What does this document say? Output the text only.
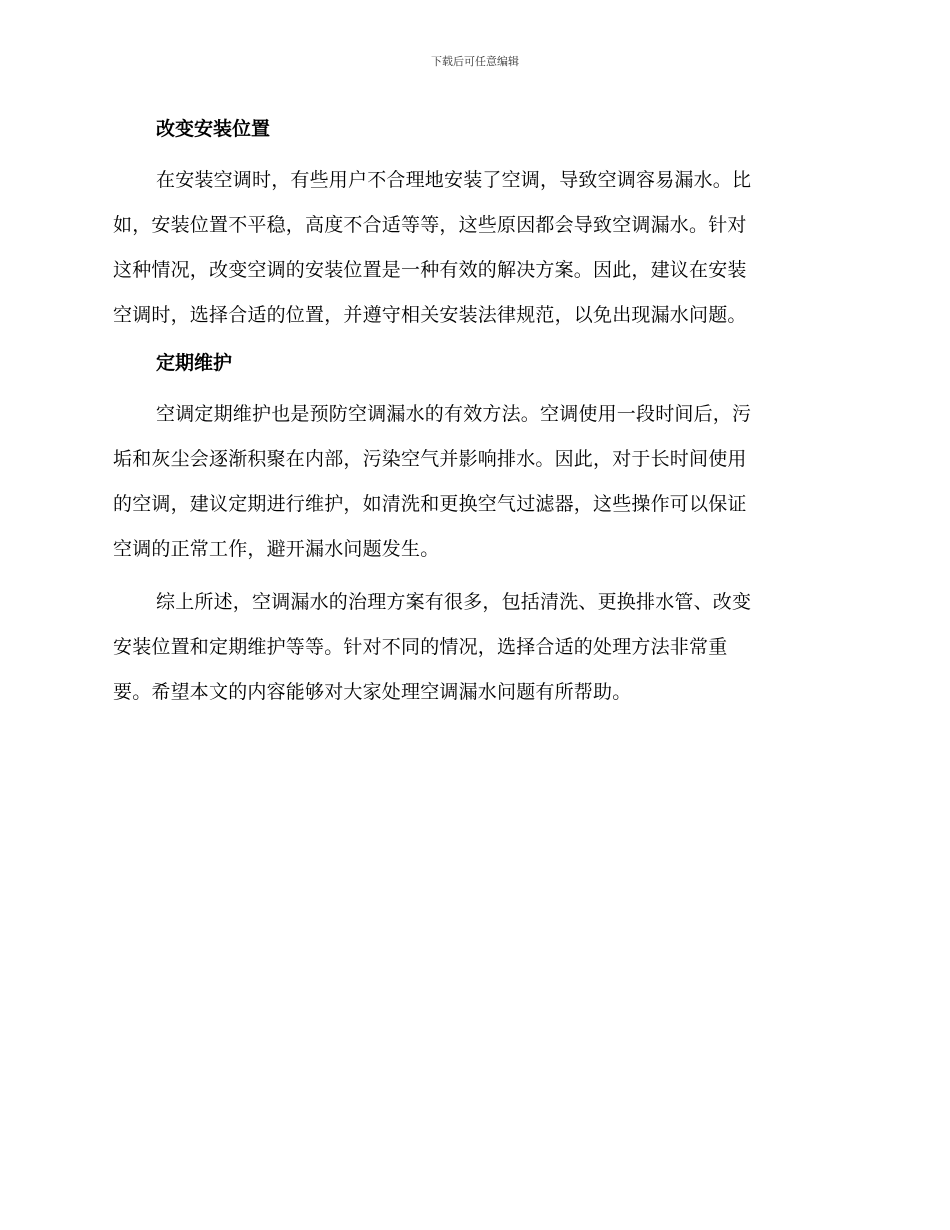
下载后可任意编辑
改变安装位置
在安装空调时，有些用户不合理地安装了空调，导致空调容易漏水。比
如，安装位置不平稳，高度不合适等等，这些原因都会导致空调漏水。针对
这种情况，改变空调的安装位置是一种有效的解决方案。因此，建议在安装
空调时，选择合适的位置，并遵守相关安装法律规范，以免出现漏水问题。
定期维护
空调定期维护也是预防空调漏水的有效方法。空调使用一段时间后，污
垢和灰尘会逐渐积聚在内部，污染空气并影响排水。因此，对于长时间使用
的空调，建议定期进行维护，如清洗和更换空气过滤器，这些操作可以保证
空调的正常工作，避开漏水问题发生。
综上所述，空调漏水的治理方案有很多，包括清洗、更换排水管、改变
安装位置和定期维护等等。针对不同的情况，选择合适的处理方法非常重
要。希望本文的内容能够对大家处理空调漏水问题有所帮助。
